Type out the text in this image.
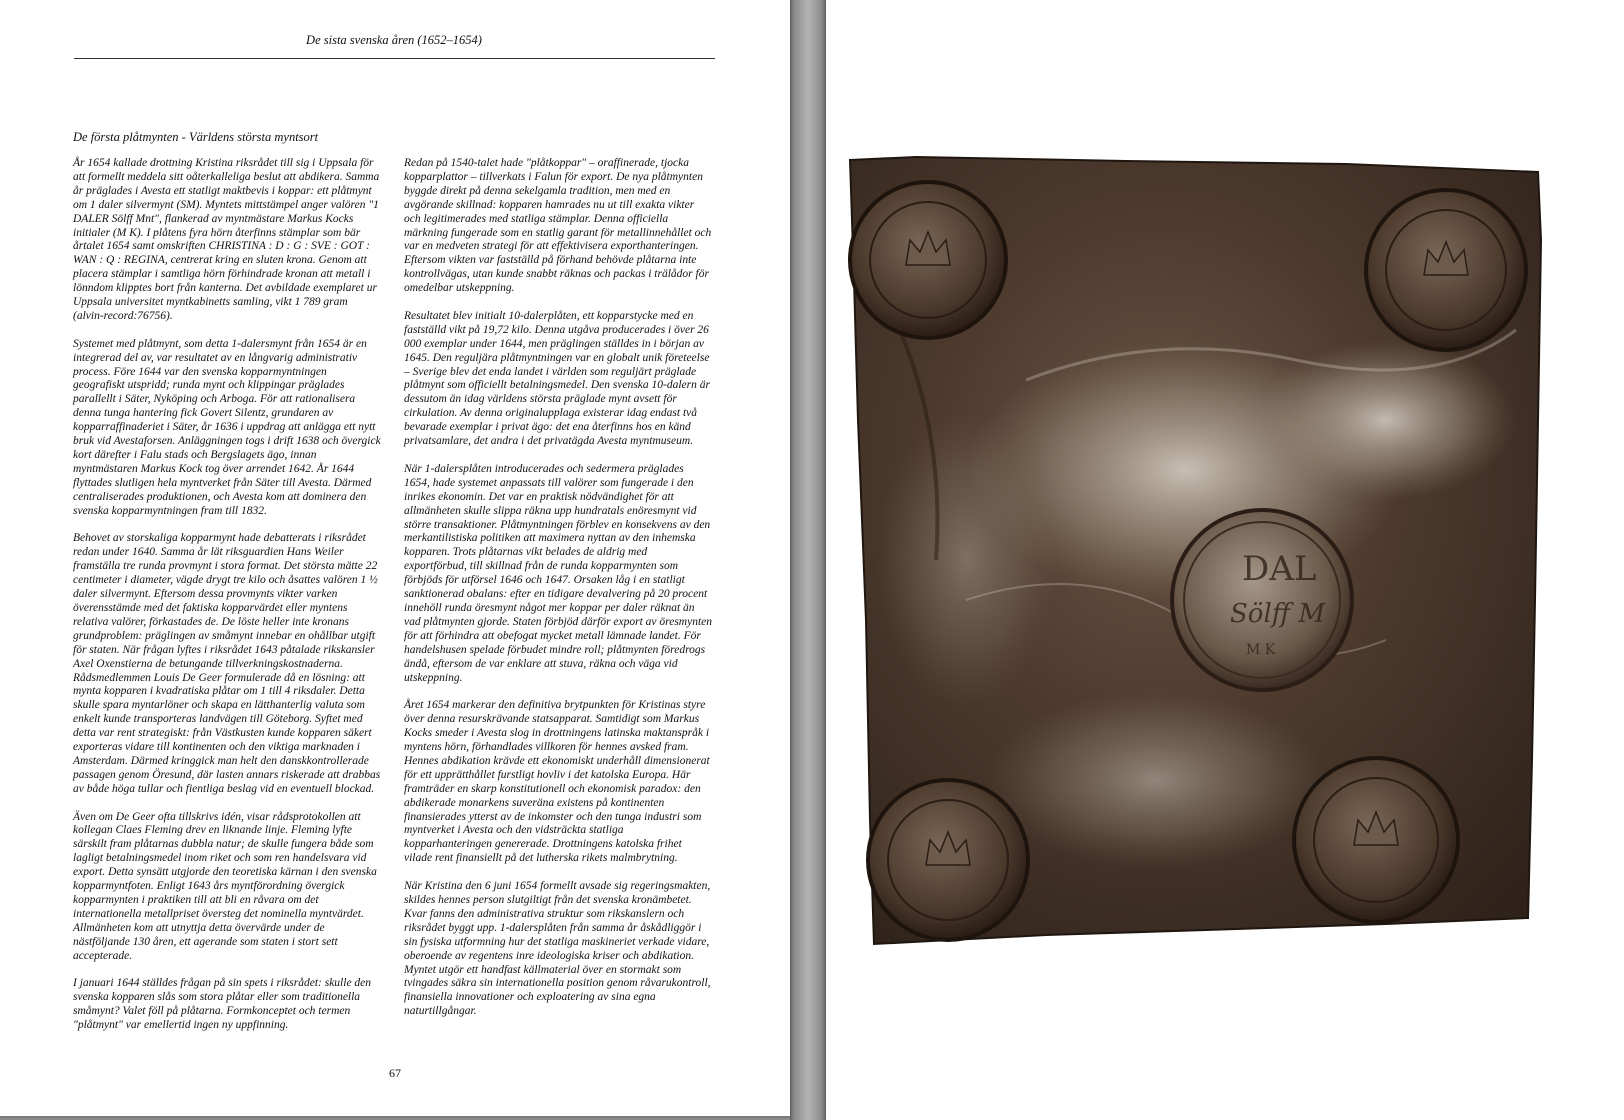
De sista svenska åren (1652–1654)
De första plåtmynten - Världens största myntsort

År 1654 kallade drottning Kristina riksrådet till sig i Uppsala för att formellt meddela sitt oåterkalleliga beslut att abdikera. Samma år präglades i Avesta ett statligt maktbevis i koppar: ett plåtmynt om 1 daler silvermynt (SM). Myntets mittstämpel anger valören "1 DALER Sölff Mnt", flankerad av myntmästare Markus Kocks initialer (M K). I plåtens fyra hörn återfinns stämplar som bär årtalet 1654 samt omskriften CHRISTINA : D : G : SVE : GOT : WAN : Q : REGINA, centrerat kring en sluten krona. Genom att placera stämplar i samtliga hörn förhindrade kronan att metall i lönndom klipptes bort från kanterna. Det avbildade exemplaret ur Uppsala universitet myntkabinetts samling, vikt 1 789 gram (alvin-record:76756).

Systemet med plåtmynt, som detta 1-dalersmynt från 1654 är en integrerad del av, var resultatet av en långvarig administrativ process. Före 1644 var den svenska kopparmyntningen geografiskt utspridd; runda mynt och klippingar präglades parallellt i Säter, Nyköping och Arboga. För att rationalisera denna tunga hantering fick Govert Silentz, grundaren av kopparraffinaderiet i Säter, år 1636 i uppdrag att anlägga ett nytt bruk vid Avestaforsen. Anläggningen togs i drift 1638 och övergick kort därefter i Falu stads och Bergslagets ägo, innan myntmästaren Markus Kock tog över arrendet 1642. År 1644 flyttades slutligen hela myntverket från Säter till Avesta. Därmed centraliserades produktionen, och Avesta kom att dominera den svenska kopparmyntningen fram till 1832.

Behovet av storskaliga kopparmynt hade debatterats i riksrådet redan under 1640. Samma år lät riksguardien Hans Weiler framställa tre runda provmynt i stora format. Det största mätte 22 centimeter i diameter, vägde drygt tre kilo och åsattes valören 1 ½ daler silvermynt. Eftersom dessa provmynts vikter varken överensstämde med det faktiska kopparvärdet eller myntens relativa valörer, förkastades de. De löste heller inte kronans grundproblem: präglingen av småmynt innebar en ohållbar utgift för staten. När frågan lyftes i riksrådet 1643 påtalade rikskansler Axel Oxenstierna de betungande tillverkningskostnaderna. Rådsmedlemmen Louis De Geer formulerade då en lösning: att mynta kopparen i kvadratiska plåtar om 1 till 4 riksdaler. Detta skulle spara myntarlöner och skapa en lätthanterlig valuta som enkelt kunde transporteras landvägen till Göteborg. Syftet med detta var rent strategiskt: från Västkusten kunde kopparen säkert exporteras vidare till kontinenten och den viktiga marknaden i Amsterdam. Därmed kringgick man helt den danskkontrollerade passagen genom Öresund, där lasten annars riskerade att drabbas av både höga tullar och fientliga beslag vid en eventuell blockad.

Även om De Geer ofta tillskrivs idén, visar rådsprotokollen att kollegan Claes Fleming drev en liknande linje. Fleming lyfte särskilt fram plåtarnas dubbla natur; de skulle fungera både som lagligt betalningsmedel inom riket och som ren handelsvara vid export. Detta synsätt utgjorde den teoretiska kärnan i den svenska kopparmyntfoten. Enligt 1643 års myntförordning övergick kopparmynten i praktiken till att bli en råvara om det internationella metallpriset översteg det nominella myntvärdet. Allmänheten kom att utnyttja detta övervärde under de nästföljande 130 åren, ett agerande som staten i stort sett accepterade.

I januari 1644 ställdes frågan på sin spets i riksrådet: skulle den svenska kopparen slås som stora plåtar eller som traditionella småmynt? Valet föll på plåtarna. Formkonceptet och termen "plåtmynt" var emellertid ingen ny uppfinning.

Redan på 1540-talet hade "plåtkoppar" – oraffinerade, tjocka kopparplattor – tillverkats i Falun för export. De nya plåtmynten byggde direkt på denna sekelgamla tradition, men med en avgörande skillnad: kopparen hamrades nu ut till exakta vikter och legitimerades med statliga stämplar. Denna officiella märkning fungerade som en statlig garant för metallinnehållet och var en medveten strategi för att effektivisera exporthanteringen. Eftersom vikten var fastställd på förhand behövde plåtarna inte kontrollvägas, utan kunde snabbt räknas och packas i trälådor för omedelbar utskeppning.

Resultatet blev initialt 10-dalerplåten, ett kopparstycke med en fastställd vikt på 19,72 kilo. Denna utgåva producerades i över 26 000 exemplar under 1644, men präglingen ställdes in i början av 1645. Den reguljära plåtmyntningen var en globalt unik företeelse – Sverige blev det enda landet i världen som reguljärt präglade plåtmynt som officiellt betalningsmedel. Den svenska 10-dalern är dessutom än idag världens största präglade mynt avsett för cirkulation. Av denna originalupplaga existerar idag endast två bevarade exemplar i privat ägo: det ena återfinns hos en känd privatsamlare, det andra i det privatägda Avesta myntmuseum.

När 1-dalersplåten introducerades och sedermera präglades 1654, hade systemet anpassats till valörer som fungerade i den inrikes ekonomin. Det var en praktisk nödvändighet för att allmänheten skulle slippa räkna upp hundratals enöresmynt vid större transaktioner. Plåtmyntningen förblev en konsekvens av den merkantilistiska politiken att maximera nyttan av den inhemska kopparen. Trots plåtarnas vikt belades de aldrig med exportförbud, till skillnad från de runda kopparmynten som förbjöds för utförsel 1646 och 1647. Orsaken låg i en statligt sanktionerad obalans: efter en tidigare devalvering på 20 procent innehöll runda öresmynt något mer koppar per daler räknat än vad plåtmynten gjorde. Staten förbjöd därför export av öresmynten för att förhindra att obefogat mycket metall lämnade landet. För handelshusen spelade förbudet mindre roll; plåtmynten föredrogs ändå, eftersom de var enklare att stuva, räkna och väga vid utskeppning.

Året 1654 markerar den definitiva brytpunkten för Kristinas styre över denna resurskrävande statsapparat. Samtidigt som Markus Kocks smeder i Avesta slog in drottningens latinska maktanspråk i myntens hörn, förhandlades villkoren för hennes avsked fram. Hennes abdikation krävde ett ekonomiskt underhåll dimensionerat för ett upprätthållet furstligt hovliv i det katolska Europa. Här framträder en skarp konstitutionell och ekonomisk paradox: den abdikerade monarkens suveräna existens på kontinenten finansierades ytterst av de inkomster och den tunga industri som myntverket i Avesta och den vidsträckta statliga kopparhanteringen genererade. Drottningens katolska frihet vilade rent finansiellt på det lutherska rikets malmbrytning.

När Kristina den 6 juni 1654 formellt avsade sig regeringsmakten, skildes hennes person slutgiltigt från det svenska kronämbetet. Kvar fanns den administrativa struktur som rikskanslern och riksrådet byggt upp. 1-dalersplåten från samma år åskådliggör i sin fysiska utformning hur det statliga maskineriet verkade vidare, oberoende av regentens inre ideologiska kriser och abdikation. Myntet utgör ett handfast källmaterial över en stormakt som tvingades säkra sin internationella position genom råvarukontroll, finansiella innovationer och exploatering av sina egna naturtillgångar.

67
DAL
Sölff M
M K
